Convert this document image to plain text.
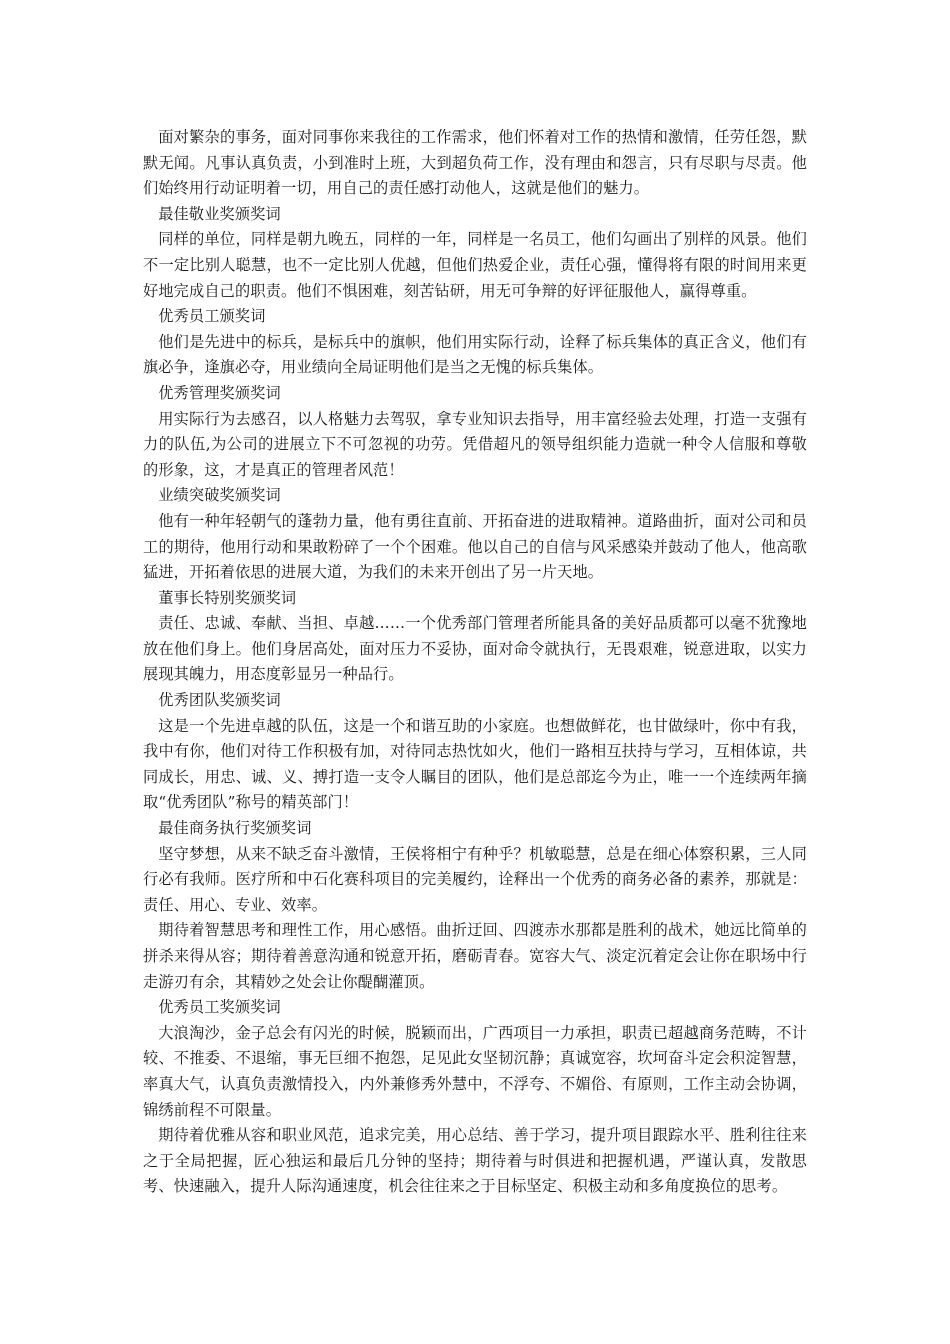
面对繁杂的事务，面对同事你来我往的工作需求，他们怀着对工作的热情和激情，任劳任怨，默默无闻。凡事认真负责，小到准时上班，大到超负荷工作，没有理由和怨言，只有尽职与尽责。他们始终用行动证明着一切，用自己的责任感打动他人，这就是他们的魅力。

最佳敬业奖颁奖词

同样的单位，同样是朝九晚五，同样的一年，同样是一名员工，他们勾画出了别样的风景。他们不一定比别人聪慧，也不一定比别人优越，但他们热爱企业，责任心强，懂得将有限的时间用来更好地完成自己的职责。他们不惧困难，刻苦钻研，用无可争辩的好评征服他人，赢得尊重。

优秀员工颁奖词

他们是先进中的标兵，是标兵中的旗帜，他们用实际行动，诠释了标兵集体的真正含义，他们有旗必争，逢旗必夺，用业绩向全局证明他们是当之无愧的标兵集体。

优秀管理奖颁奖词

用实际行为去感召，以人格魅力去驾驭，拿专业知识去指导，用丰富经验去处理，打造一支强有力的队伍,为公司的进展立下不可忽视的功劳。凭借超凡的领导组织能力造就一种令人信服和尊敬的形象，这，才是真正的管理者风范！

业绩突破奖颁奖词

他有一种年轻朝气的蓬勃力量，他有勇往直前、开拓奋进的进取精神。道路曲折，面对公司和员工的期待，他用行动和果敢粉碎了一个个困难。他以自己的自信与风采感染并鼓动了他人，他高歌猛进，开拓着依思的进展大道，为我们的未来开创出了另一片天地。

董事长特别奖颁奖词

责任、忠诚、奉献、当担、卓越……一个优秀部门管理者所能具备的美好品质都可以毫不犹豫地放在他们身上。他们身居高处，面对压力不妥协，面对命令就执行，无畏艰难，锐意进取，以实力展现其魄力，用态度彰显另一种品行。

优秀团队奖颁奖词

这是一个先进卓越的队伍，这是一个和谐互助的小家庭。也想做鲜花，也甘做绿叶，你中有我，我中有你，他们对待工作积极有加，对待同志热忱如火，他们一路相互扶持与学习，互相体谅，共同成长，用忠、诚、义、搏打造一支令人瞩目的团队，他们是总部迄今为止，唯一一个连续两年摘取“优秀团队”称号的精英部门！

最佳商务执行奖颁奖词

坚守梦想，从来不缺乏奋斗激情，王侯将相宁有种乎？机敏聪慧，总是在细心体察积累，三人同行必有我师。医疗所和中石化赛科项目的完美履约，诠释出一个优秀的商务必备的素养，那就是：责任、用心、专业、效率。

期待着智慧思考和理性工作，用心感悟。曲折迂回、四渡赤水那都是胜利的战术，她远比简单的拼杀来得从容；期待着善意沟通和锐意开拓，磨砺青春。宽容大气、淡定沉着定会让你在职场中行走游刃有余，其精妙之处会让你醍醐灌顶。

优秀员工奖颁奖词

大浪淘沙，金子总会有闪光的时候，脱颖而出，广西项目一力承担，职责已超越商务范畴，不计较、不推委、不退缩，事无巨细不抱怨，足见此女坚韧沉静；真诚宽容，坎坷奋斗定会积淀智慧，率真大气，认真负责激情投入，内外兼修秀外慧中，不浮夸、不媚俗、有原则，工作主动会协调，锦绣前程不可限量。

期待着优雅从容和职业风范，追求完美，用心总结、善于学习，提升项目跟踪水平、胜利往往来之于全局把握，匠心独运和最后几分钟的坚持；期待着与时俱进和把握机遇，严谨认真，发散思考、快速融入，提升人际沟通速度，机会往往来之于目标坚定、积极主动和多角度换位的思考。
